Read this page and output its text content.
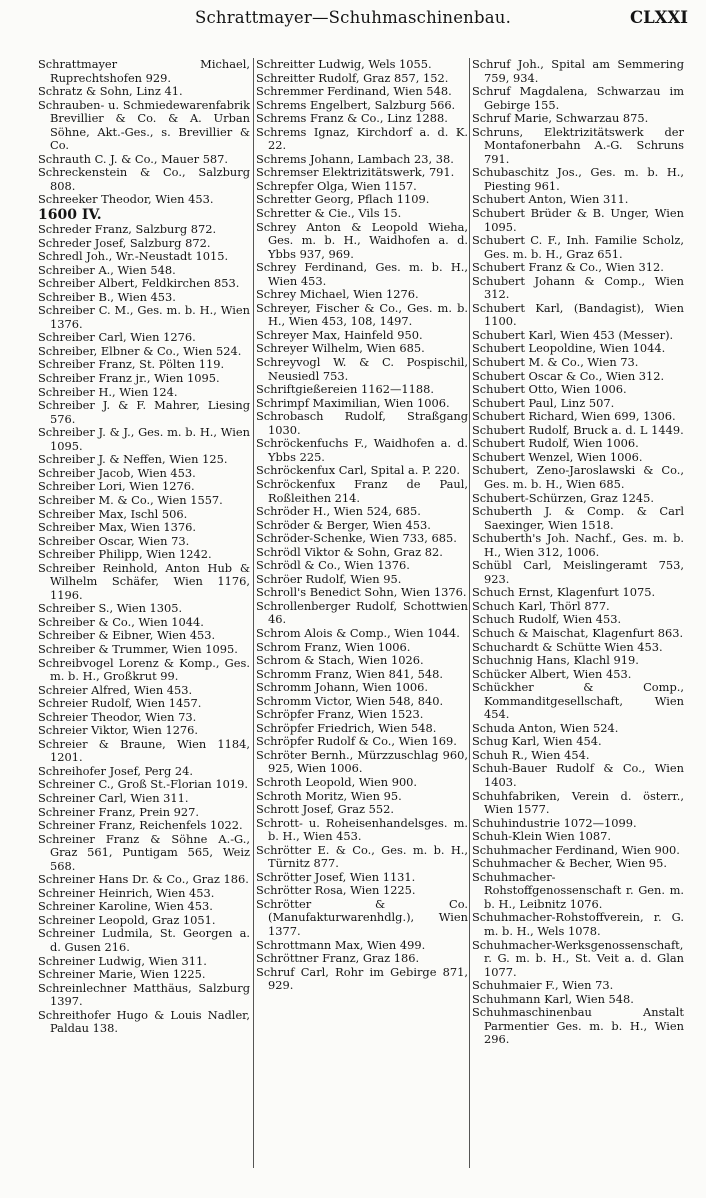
Schrattmayer—Schuhmaschinenbau.	CLXXI

Schrattmayer Michael, Ruprechtshofen 929.

Schratz & Sohn, Linz 41.

Schrauben- u. Schmiedewarenfabrik Brevillier & Co. & A. Urban Söhne, Akt.-Ges., s. Brevillier & Co.

Schrauth C. J. & Co., Mauer 587.

Schreckenstein & Co., Salzburg 808.

Schreeker Theodor, Wien 453.

1600 IV.

Schreder Franz, Salzburg 872.

Schreder Josef, Salzburg 872.

Schredl Joh., Wr.-Neustadt 1015.

Schreiber A., Wien 548.

Schreiber Albert, Feldkirchen 853.

Schreiber B., Wien 453.

Schreiber C. M., Ges. m. b. H., Wien 1376.

Schreiber Carl, Wien 1276.

Schreiber, Elbner & Co., Wien 524.

Schreiber Franz, St. Pölten 119.

Schreiber Franz jr., Wien 1095.

Schreiber H., Wien 124.

Schreiber J. & F. Mahrer, Liesing 576.

Schreiber J. & J., Ges. m. b. H., Wien 1095.

Schreiber J. & Neffen, Wien 125.

Schreiber Jacob, Wien 453.

Schreiber Lori, Wien 1276.

Schreiber M. & Co., Wien 1557.

Schreiber Max, Ischl 506.

Schreiber Max, Wien 1376.

Schreiber Oscar, Wien 73.

Schreiber Philipp, Wien 1242.

Schreiber Reinhold, Anton Hub & Wilhelm Schäfer, Wien 1176, 1196.

Schreiber S., Wien 1305.

Schreiber & Co., Wien 1044.

Schreiber & Eibner, Wien 453.

Schreiber & Trummer, Wien 1095.

Schreibvogel Lorenz & Komp., Ges. m. b. H., Großkrut 99.

Schreier Alfred, Wien 453.

Schreier Rudolf, Wien 1457.

Schreier Theodor, Wien 73.

Schreier Viktor, Wien 1276.

Schreier & Braune, Wien 1184, 1201.

Schreihofer Josef, Perg 24.

Schreiner C., Groß St.-Florian 1019.

Schreiner Carl, Wien 311.

Schreiner Franz, Prein 927.

Schreiner Franz, Reichenfels 1022.

Schreiner Franz & Söhne A.-G., Graz 561, Puntigam 565, Weiz 568.

Schreiner Hans Dr. & Co., Graz 186.

Schreiner Heinrich, Wien 453.

Schreiner Karoline, Wien 453.

Schreiner Leopold, Graz 1051.

Schreiner Ludmila, St. Georgen a. d. Gusen 216.

Schreiner Ludwig, Wien 311.

Schreiner Marie, Wien 1225.

Schreinlechner Matthäus, Salzburg 1397.

Schreithofer Hugo & Louis Nadler, Paldau 138.

Schreitter Ludwig, Wels 1055.

Schreitter Rudolf, Graz 857, 152.

Schremmer Ferdinand, Wien 548.

Schrems Engelbert, Salzburg 566.

Schrems Franz & Co., Linz 1288.

Schrems Ignaz, Kirchdorf a. d. K. 22.

Schrems Johann, Lambach 23, 38.

Schremser Elektrizitätswerk, 791.

Schrepfer Olga, Wien 1157.

Schretter Georg, Pflach 1109.

Schretter & Cie., Vils 15.

Schrey Anton & Leopold Wieha, Ges. m. b. H., Waidhofen a. d. Ybbs 937, 969.

Schrey Ferdinand, Ges. m. b. H., Wien 453.

Schrey Michael, Wien 1276.

Schreyer, Fischer & Co., Ges. m. b. H., Wien 453, 108, 1497.

Schreyer Max, Hainfeld 950.

Schreyer Wilhelm, Wien 685.

Schreyvogl W. & C. Pospischil, Neusiedl 753.

Schriftgießereien 1162—1188.

Schrimpf Maximilian, Wien 1006.

Schrobasch Rudolf, Straßgang 1030.

Schröckenfuchs F., Waidhofen a. d. Ybbs 225.

Schröckenfux Carl, Spital a. P. 220.

Schröckenfux Franz de Paul, Roßleithen 214.

Schröder H., Wien 524, 685.

Schröder & Berger, Wien 453.

Schröder-Schenke, Wien 733, 685.

Schrödl Viktor & Sohn, Graz 82.

Schrödl & Co., Wien 1376.

Schröer Rudolf, Wien 95.

Schroll's Benedict Sohn, Wien 1376.

Schrollenberger Rudolf, Schottwien 46.

Schrom Alois & Comp., Wien 1044.

Schrom Franz, Wien 1006.

Schrom & Stach, Wien 1026.

Schromm Franz, Wien 841, 548.

Schromm Johann, Wien 1006.

Schromm Victor, Wien 548, 840.

Schröpfer Franz, Wien 1523.

Schröpfer Friedrich, Wien 548.

Schröpfer Rudolf & Co., Wien 169.

Schröter Bernh., Mürzzuschlag 960, 925, Wien 1006.

Schroth Leopold, Wien 900.

Schroth Moritz, Wien 95.

Schrott Josef, Graz 552.

Schrott- u. Roheisenhandelsges. m. b. H., Wien 453.

Schrötter E. & Co., Ges. m. b. H., Türnitz 877.

Schrötter Josef, Wien 1131.

Schrötter Rosa, Wien 1225.

Schrötter & Co. (Manufakturwarenhdlg.), Wien 1377.

Schrottmann Max, Wien 499.

Schröttner Franz, Graz 186.

Schruf Carl, Rohr im Gebirge 871, 929.

Schruf Joh., Spital am Semmering 759, 934.

Schruf Magdalena, Schwarzau im Gebirge 155.

Schruf Marie, Schwarzau 875.

Schruns, Elektrizitätswerk der Montafonerbahn A.-G. Schruns 791.

Schubaschitz Jos., Ges. m. b. H., Piesting 961.

Schubert Anton, Wien 311.

Schubert Brüder & B. Unger, Wien 1095.

Schubert C. F., Inh. Familie Scholz, Ges. m. b. H., Graz 651.

Schubert Franz & Co., Wien 312.

Schubert Johann & Comp., Wien 312.

Schubert Karl, (Bandagist), Wien 1100.

Schubert Karl, Wien 453 (Messer).

Schubert Leopoldine, Wien 1044.

Schubert M. & Co., Wien 73.

Schubert Oscar & Co., Wien 312.

Schubert Otto, Wien 1006.

Schubert Paul, Linz 507.

Schubert Richard, Wien 699, 1306.

Schubert Rudolf, Bruck a. d. L 1449.

Schubert Rudolf, Wien 1006.

Schubert Wenzel, Wien 1006.

Schubert, Zeno-Jaroslawski & Co., Ges. m. b. H., Wien 685.

Schubert-Schürzen, Graz 1245.

Schuberth J. & Comp. & Carl Saexinger, Wien 1518.

Schuberth's Joh. Nachf., Ges. m. b. H., Wien 312, 1006.

Schübl Carl, Meislingeramt 753, 923.

Schuch Ernst, Klagenfurt 1075.

Schuch Karl, Thörl 877.

Schuch Rudolf, Wien 453.

Schuch & Maischat, Klagenfurt 863.

Schuchardt & Schütte Wien 453.

Schuchnig Hans, Klachl 919.

Schücker Albert, Wien 453.

Schückher & Comp., Kommanditgesellschaft, Wien 454.

Schuda Anton, Wien 524.

Schug Karl, Wien 454.

Schuh R., Wien 454.

Schuh-Bauer Rudolf & Co., Wien 1403.

Schuhfabriken, Verein d. österr., Wien 1577.

Schuhindustrie 1072—1099.

Schuh-Klein Wien 1087.

Schuhmacher Ferdinand, Wien 900.

Schuhmacher & Becher, Wien 95.

Schuhmacher-Rohstoffgenossenschaft r. Gen. m. b. H., Leibnitz 1076.

Schuhmacher-Rohstoffverein, r. G. m. b. H., Wels 1078.

Schuhmacher-Werksgenossenschaft, r. G. m. b. H., St. Veit a. d. Glan 1077.

Schuhmaier F., Wien 73.

Schuhmann Karl, Wien 548.

Schuhmaschinenbau Anstalt Parmentier Ges. m. b. H., Wien 296.
